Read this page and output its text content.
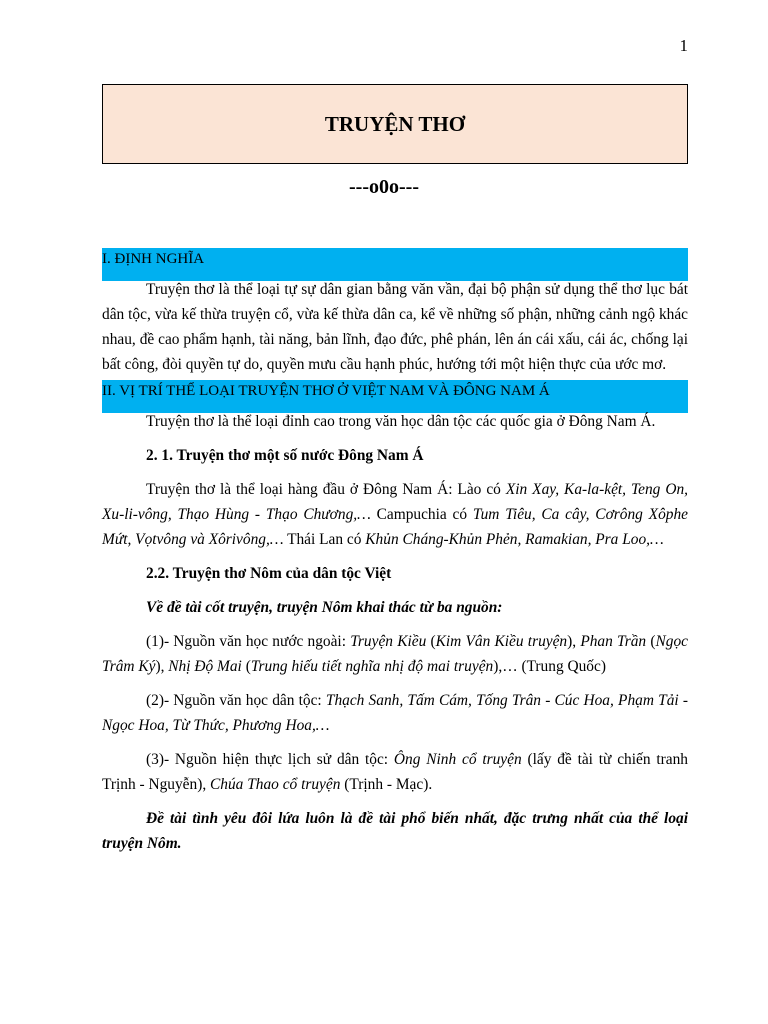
1
TRUYỆN THƠ
---o0o---
I. ĐỊNH NGHĨA

Truyện thơ là thể loại tự sự dân gian bằng văn vần, đại bộ phận sử dụng thể thơ lục bát dân tộc, vừa kế thừa truyện cổ, vừa kế thừa dân ca, kể về những số phận, những cảnh ngộ khác nhau, đề cao phẩm hạnh, tài năng, bản lĩnh, đạo đức, phê phán, lên án cái xấu, cái ác, chống lại bất công, đòi quyền tự do, quyền mưu cầu hạnh phúc, hướng tới một hiện thực của ước mơ.

II. VỊ TRÍ THỂ LOẠI TRUYỆN THƠ Ở VIỆT NAM VÀ ĐÔNG NAM Á

Truyện thơ là thể loại đỉnh cao trong văn học dân tộc các quốc gia ở Đông Nam Á.

2. 1. Truyện thơ một số nước Đông Nam Á

Truyện thơ là thể loại hàng đầu ở Đông Nam Á: Lào có Xin Xay, Ka-la-kệt, Teng On, Xu-li-vông, Thạo Hùng - Thạo Chương,… Campuchia có Tum Tiêu, Ca cây, Cơrông Xôphe Mứt, Vọtvông và Xôrivông,… Thái Lan có Khủn Cháng-Khủn Phẻn, Ramakian, Pra Loo,…

2.2. Truyện thơ Nôm của dân tộc Việt

Về đề tài cốt truyện, truyện Nôm khai thác từ ba nguồn:

(1)- Nguồn văn học nước ngoài: Truyện Kiều (Kim Vân Kiều truyện), Phan Trần (Ngọc Trâm Ký), Nhị Độ Mai (Trung hiếu tiết nghĩa nhị độ mai truyện),… (Trung Quốc)

(2)- Nguồn văn học dân tộc: Thạch Sanh, Tấm Cám, Tống Trân - Cúc Hoa, Phạm Tải - Ngọc Hoa, Từ Thức, Phương Hoa,…

(3)- Nguồn hiện thực lịch sử dân tộc: Ông Ninh cổ truyện (lấy đề tài từ chiến tranh Trịnh - Nguyễn), Chúa Thao cổ truyện (Trịnh - Mạc).

Đề tài tình yêu đôi lứa luôn là đề tài phổ biến nhất, đặc trưng nhất của thể loại truyện Nôm.
